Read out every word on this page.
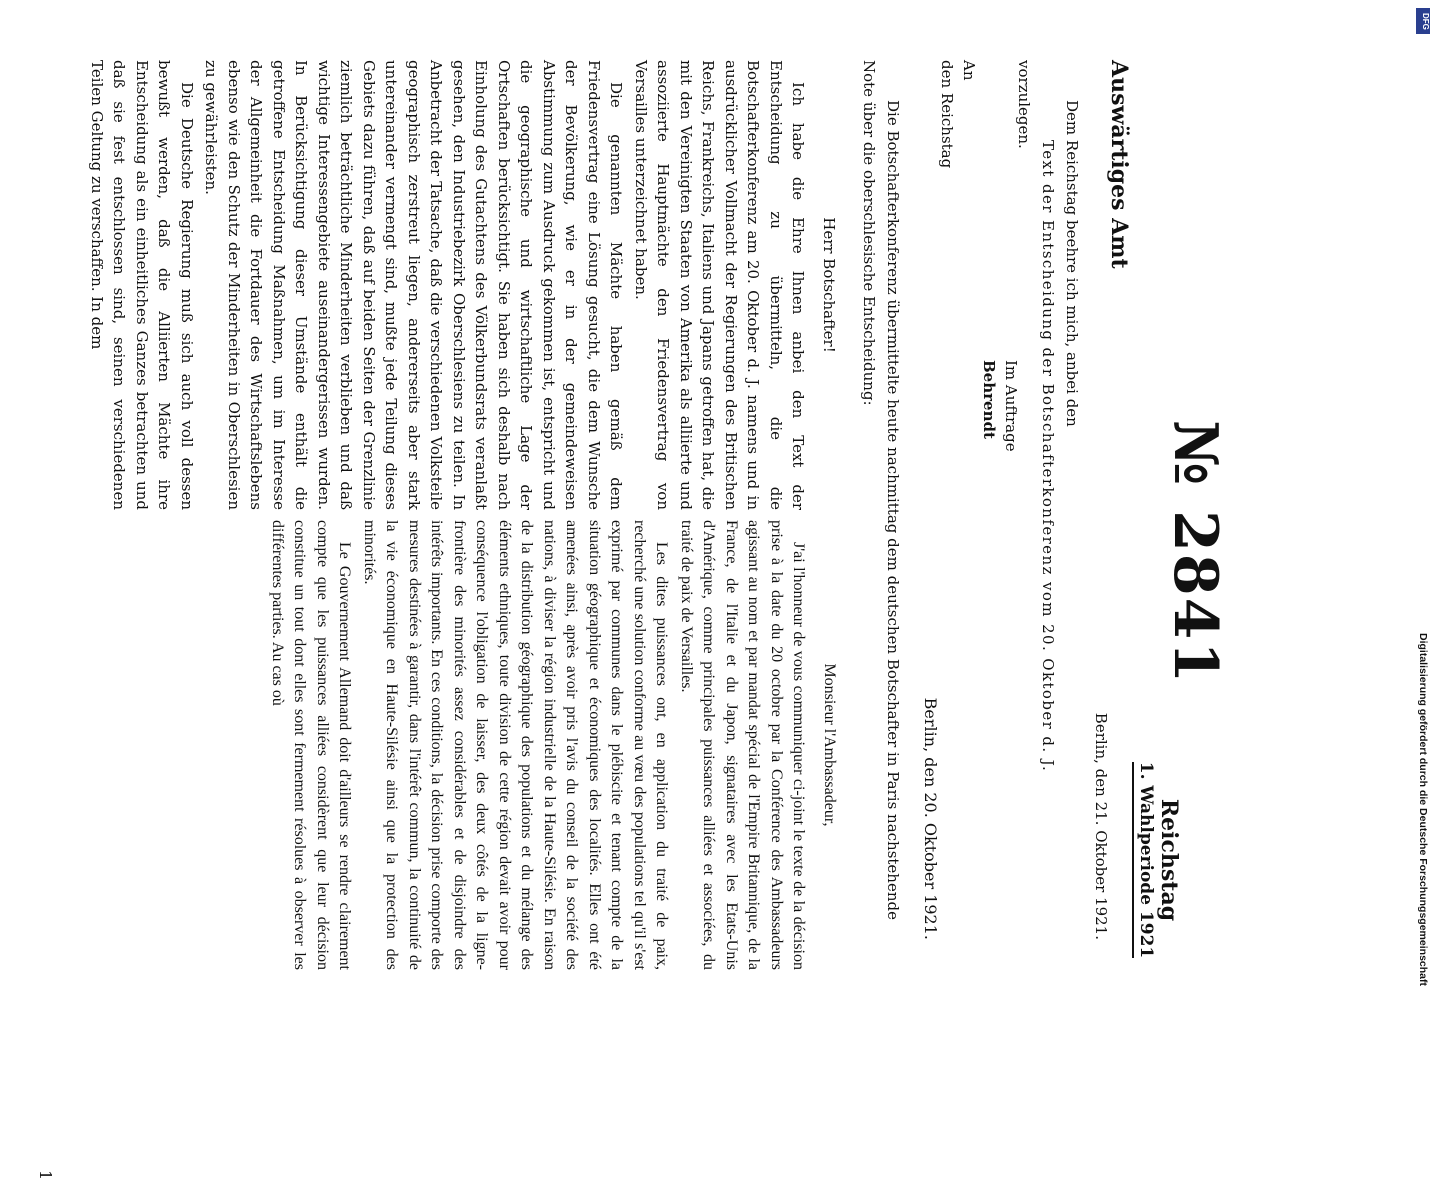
Reichstag
1. Wahlperiode 1921
№ 2841
Auswärtiges Amt
Berlin, den 21. Oktober 1921.
Dem Reichstag beehre ich mich, anbei den
Text der Entscheidung der Botschafterkonferenz vom 20. Oktober d. J.
vorzulegen.
Im Auftrage
Behrendt
An
den Reichstag
Berlin, den 20. Oktober 1921.
Die Botschafterkonferenz übermittelte heute nachmittag dem deutschen Botschafter in Paris nachstehende Note über die oberschlesische Entscheidung:

Herr Botschafter!

Ich habe die Ehre Ihnen anbei den Text der Entscheidung zu übermitteln, die die Botschafterkonferenz am 20. Oktober d. J. namens und in ausdrücklicher Vollmacht der Regierungen des Britischen Reichs, Frankreichs, Italiens und Japans getroffen hat, die mit den Vereinigten Staaten von Amerika als alliierte und assoziierte Hauptmächte den Friedensvertrag von Versailles unterzeichnet haben.

Die genannten Mächte haben gemäß dem Friedensvertrag eine Lösung gesucht, die dem Wunsche der Bevölkerung, wie er in der gemeindeweisen Abstimmung zum Ausdruck gekommen ist, entspricht und die geographische und wirtschaftliche Lage der Ortschaften berücksichtigt. Sie haben sich deshalb nach Einholung des Gutachtens des Völkerbundsrats veranlaßt gesehen, den Industriebezirk Oberschlesiens zu teilen. In Anbetracht der Tatsache, daß die verschiedenen Volksteile geographisch zerstreut liegen, andererseits aber stark untereinander vermengt sind, mußte jede Teilung dieses Gebiets dazu führen, daß auf beiden Seiten der Grenzlinie ziemlich beträchtliche Minderheiten verblieben und daß wichtige Interessengebiete auseinandergerissen wurden. In Berücksichtigung dieser Umstände enthält die getroffene Entscheidung Maßnahmen, um im Interesse der Allgemeinheit die Fortdauer des Wirtschaftslebens ebenso wie den Schutz der Minderheiten in Oberschlesien zu gewährleisten.

Die Deutsche Regierung muß sich auch voll dessen bewußt werden, daß die Alliierten Mächte ihre Entscheidung als ein einheitliches Ganzes betrachten und daß sie fest entschlossen sind, seinen verschiedenen Teilen Geltung zu verschaffen. In dem

Monsieur l'Ambassadeur,

J'ai l'honneur de vous communiquer ci-joint le texte de la décision prise à la date du 20 octobre par la Conférence des Ambassadeurs agissant au nom et par mandat spécial de l'Empire Britannique, de la France, de l'Italie et du Japon, signataires avec les Etats-Unis d'Amérique, comme principales puissances alliées et associées, du traité de paix de Versailles.

Les dites puissances ont, en application du traité de paix, recherché une solution conforme au vœu des populations tel qu'il s'est exprimé par communes dans le plébiscite et tenant compte de la situation géographique et économiques des localités. Elles ont été amenées ainsi, après avoir pris l'avis du conseil de la société des nations, à diviser la région industrielle de la Haute-Silésie. En raison de la distribution géographique des populations et du mélange des éléments ethniques, toute division de cette région devait avoir pour conséquence l'obligation de laisser, des deux côtés de la ligne-frontière des minorités assez considérables et de disjoindre des intérêts importants. En ces conditions, la décision prise comporte des mesures destinées à garantir, dans l'intérêt commun, la continuité de la vie économique en Haute-Silésie ainsi que la protection des minorités.

Le Gouvernement Allemand doit d'ailleurs se rendre clairement compte que les puissances alliées considèrent que leur décision constitue un tout dont elles sont fermement résolues à observer les différentes parties. Au cas où

1
DFG
Digitalisierung gefördert durch die Deutsche Forschungsgemeinschaft
